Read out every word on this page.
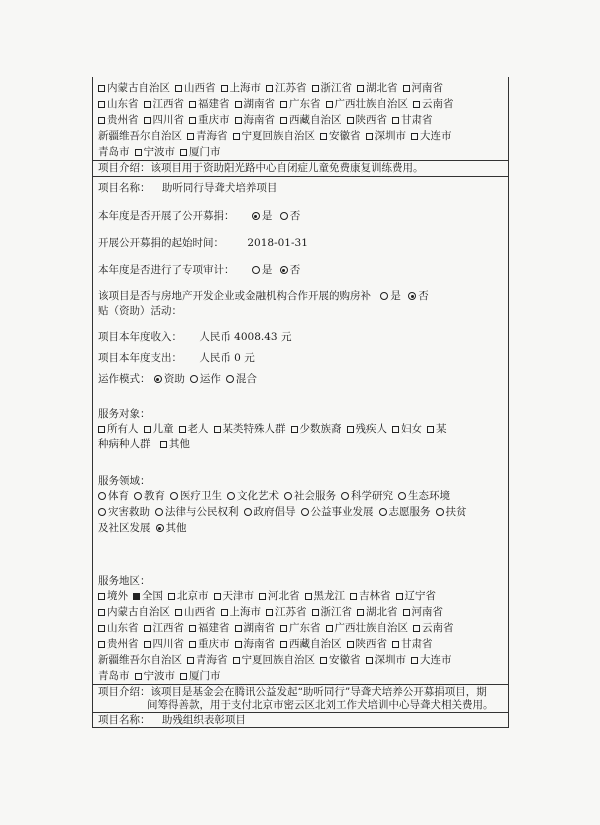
内蒙古自治区 山西省 上海市 江苏省 浙江省 湖北省 河南省
山东省 江西省 福建省 湖南省 广东省 广西壮族自治区 云南省
贵州省 四川省 重庆市 海南省 西藏自治区 陕西省 甘肃省
新疆维吾尔自治区 青海省 宁夏回族自治区 安徽省 深圳市 大连市
青岛市 宁波市 厦门市
项目介绍：该项目用于资助阳光路中心自闭症儿童免费康复训练费用。
项目名称： 助听同行导聋犬培养项目
本年度是否开展了公开募捐：	是 否
开展公开募捐的起始时间： 2018-01-31
本年度是否进行了专项审计：	是 否
该项目是否与房地产开发企业或金融机构合作开展的购房补 是 否
贴（资助）活动：
项目本年度收入： 人民币 4008.43 元
项目本年度支出： 人民币 0 元
运作模式： 资助 运作 混合
服务对象：
所有人 儿童 老人 某类特殊人群 少数族裔 残疾人 妇女 某
种病种人群 其他
服务领域：
体育 教育 医疗卫生 文化艺术 社会服务 科学研究 生态环境
灾害救助 法律与公民权利 政府倡导 公益事业发展 志愿服务 扶贫
及社区发展 其他
服务地区：
境外 全国 北京市 天津市 河北省 黑龙江 吉林省 辽宁省
内蒙古自治区 山西省 上海市 江苏省 浙江省 湖北省 河南省
山东省 江西省 福建省 湖南省 广东省 广西壮族自治区 云南省
贵州省 四川省 重庆市 海南省 西藏自治区 陕西省 甘肃省
新疆维吾尔自治区 青海省 宁夏回族自治区 安徽省 深圳市 大连市
青岛市 宁波市 厦门市
项目介绍：该项目是基金会在腾讯公益发起“助听同行”导聋犬培养公开募捐项目，期
间筹得善款，用于支付北京市密云区北刘工作犬培训中心导聋犬相关费用。
项目名称： 助残组织表彰项目
